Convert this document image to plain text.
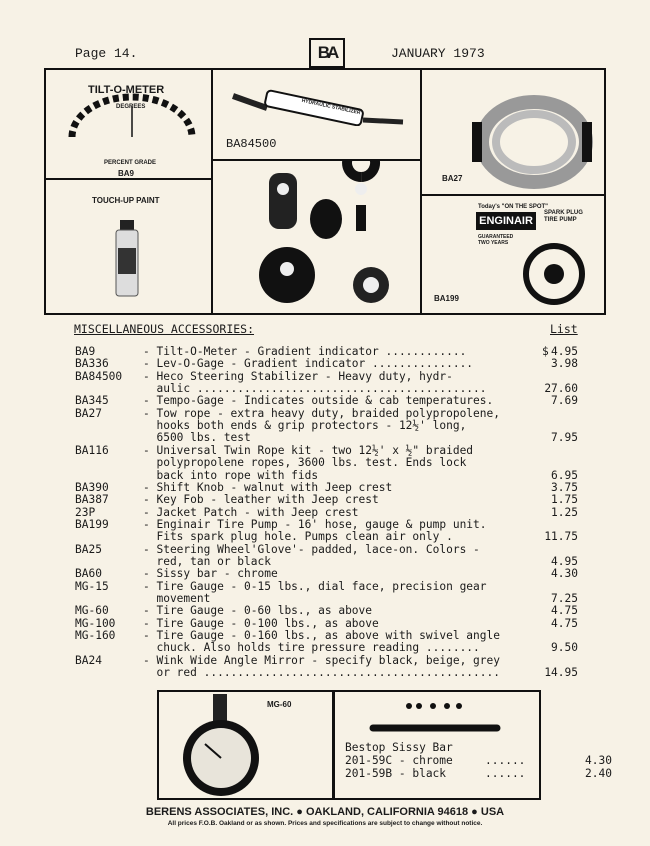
Page 14.	BA	JANUARY 1973
TILT-O-METER
DEGREES
PERCENT GRADE
BA9
HYDRAULIC STABILIZER
BA84500
BA27
TOUCH-UP PAINT
Today's "ON THE SPOT"
ENGINAIR
SPARK PLUG TIRE PUMP
GUARANTEED TWO YEARS
BA199
MISCELLANEOUS ACCESSORIES:	List
BA9	- Tilt-O-Meter - Gradient indicator ............	4.95
$
BA336	- Lev-O-Gage - Gradient indicator ...............	3.98
BA84500 - Heco Steering Stabilizer - Heavy duty, hydr-
aulic ...........................................	27.60
BA345	- Tempo-Gage - Indicates outside & cab temperatures.	7.69
BA27	- Tow rope - extra heavy duty, braided polypropolene,
hooks both ends & grip protectors - 12½' long,
6500 lbs. test	7.95
BA116	- Universal Twin Rope kit - two 12½' x ½" braided
polypropolene ropes, 3600 lbs. test. Ends lock
back into rope with fids	6.95
BA390	- Shift Knob - walnut with Jeep crest	3.75
BA387	- Key Fob - leather with Jeep crest	1.75
23P	- Jacket Patch - with Jeep crest	1.25
BA199	- Enginair Tire Pump - 16' hose, gauge & pump unit.
Fits spark plug hole. Pumps clean air only .	11.75
BA25	- Steering Wheel'Glove'- padded, lace-on. Colors -
red, tan or black	4.95
BA60	- Sissy bar - chrome	4.30
MG-15	- Tire Gauge - 0-15 lbs., dial face, precision gear
movement	7.25
MG-60	- Tire Gauge - 0-60 lbs., as above	4.75
MG-100 - Tire Gauge - 0-100 lbs., as above	4.75
MG-160 - Tire Gauge - 0-160 lbs., as above with swivel angle
chuck. Also holds tire pressure reading ........	9.50
BA24	- Wink Wide Angle Mirror - specify black, beige, grey
or red ............................................	14.95
MG-60
Bestop Sissy Bar
201-59C - chrome	......	4.30
201-59B - black	......	2.40
BERENS ASSOCIATES, INC. ● OAKLAND, CALIFORNIA 94618 ● USA
All prices F.O.B. Oakland or as shown. Prices and specifications are subject to change without notice.
